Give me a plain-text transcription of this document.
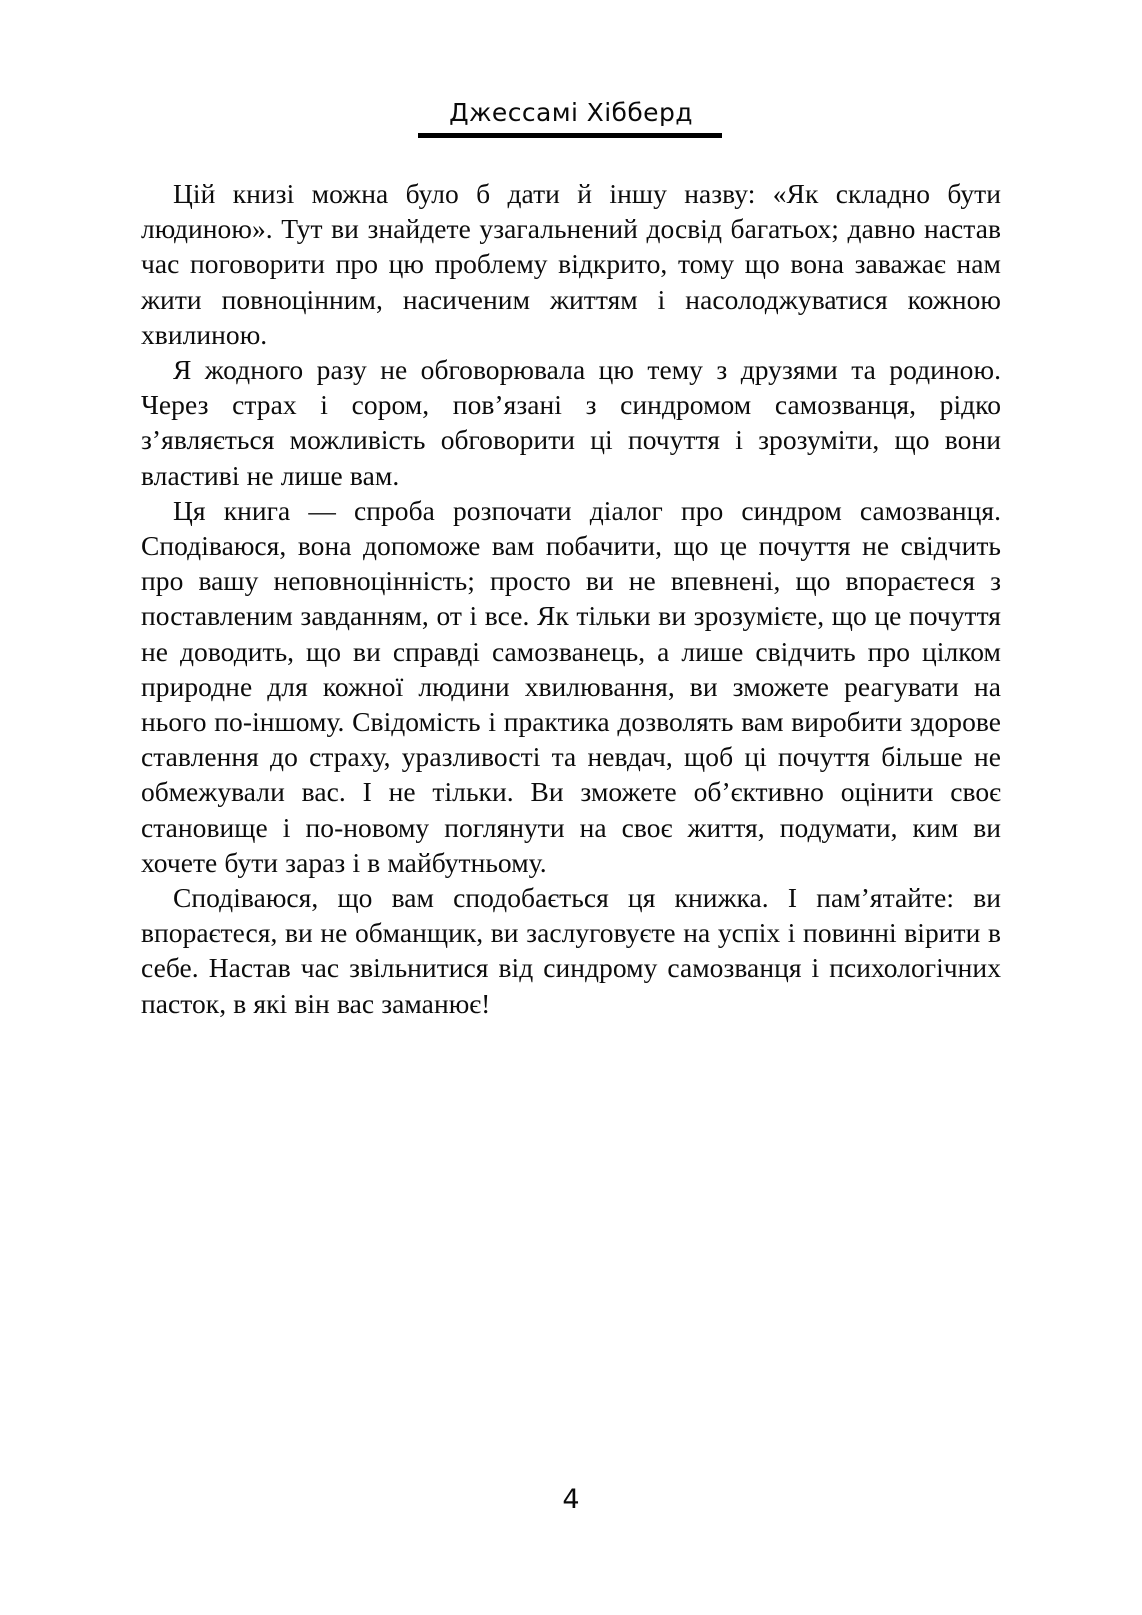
Джессамі Хібберд

Цій книзі можна було б дати й іншу назву: «Як складно бути людиною». Тут ви знайдете узагальнений досвід багатьох; давно настав час поговорити про цю проблему відкрито, тому що вона заважає нам жити повноцінним, насиченим життям і насолоджуватися кожною хвилиною.

Я жодного разу не обговорювала цю тему з друзями та родиною. Через страх і сором, пов’язані з синдромом самозванця, рідко з’являється можливість обговорити ці почуття і зрозуміти, що вони властиві не лише вам.

Ця книга — спроба розпочати діалог про синдром самозванця. Сподіваюся, вона допоможе вам побачити, що це почуття не свідчить про вашу неповноцінність; просто ви не впевнені, що впораєтеся з поставленим завданням, от і все. Як тільки ви зрозумієте, що це почуття не доводить, що ви справді самозванець, а лише свідчить про цілком природне для кожної людини хвилювання, ви зможете реагувати на нього по-іншому. Свідомість і практика дозволять вам виробити здорове ставлення до страху, уразливості та невдач, щоб ці почуття більше не обмежували вас. І не тільки. Ви зможете об’єктивно оцінити своє становище і по-новому поглянути на своє життя, подумати, ким ви хочете бути зараз і в майбутньому.

Сподіваюся, що вам сподобається ця книжка. І пам’ятайте: ви впораєтеся, ви не обманщик, ви заслуговуєте на успіх і повинні вірити в себе. Настав час звільнитися від синдрому самозванця і психологічних пасток, в які він вас заманює!

4
